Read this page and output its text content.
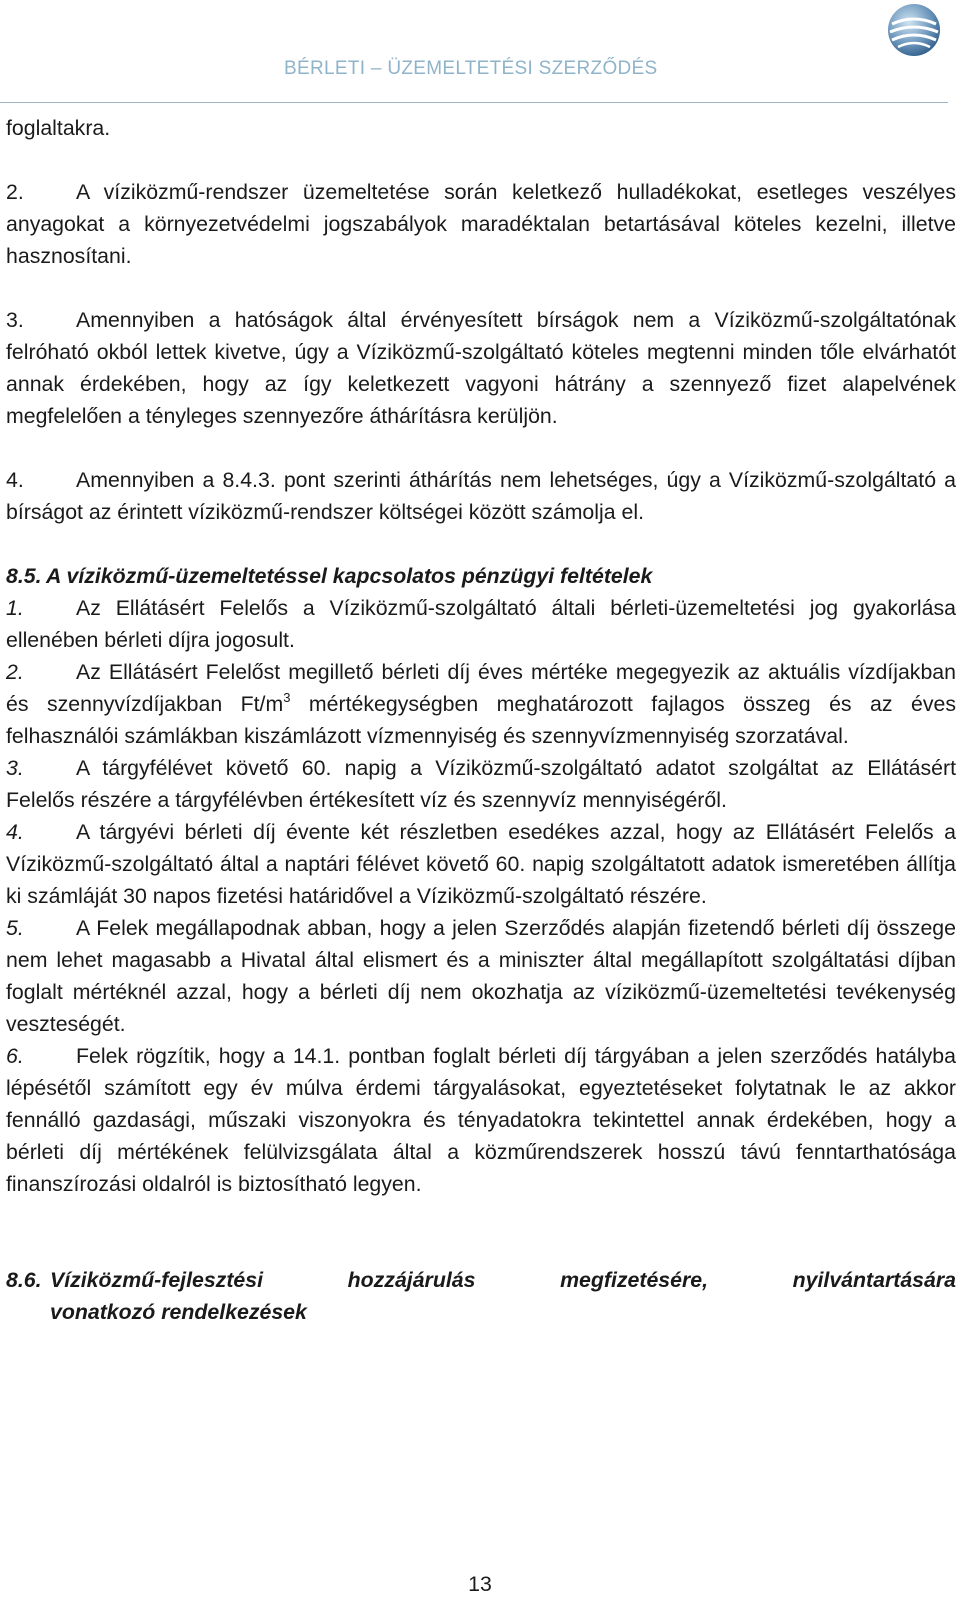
BÉRLETI – ÜZEMELTETÉSI SZERZŐDÉS
foglaltakra.
2. A víziközmű-rendszer üzemeltetése során keletkező hulladékokat, esetleges veszélyes anyagokat a környezetvédelmi jogszabályok maradéktalan betartásával köteles kezelni, illetve hasznosítani.
3. Amennyiben a hatóságok által érvényesített bírságok nem a Víziközmű-szolgáltatónak felróható okból lettek kivetve, úgy a Víziközmű-szolgáltató köteles megtenni minden tőle elvárhatót annak érdekében, hogy az így keletkezett vagyoni hátrány a szennyező fizet alapelvének megfelelően a tényleges szennyezőre áthárításra kerüljön.
4. Amennyiben a 8.4.3. pont szerinti áthárítás nem lehetséges, úgy a Víziközmű-szolgáltató a bírságot az érintett víziközmű-rendszer költségei között számolja el.
8.5. A víziközmű-üzemeltetéssel kapcsolatos pénzügyi feltételek
1. Az Ellátásért Felelős a Víziközmű-szolgáltató általi bérleti-üzemeltetési jog gyakorlása ellenében bérleti díjra jogosult.
2. Az Ellátásért Felelőst megillető bérleti díj éves mértéke megegyezik az aktuális vízdíjakban és szennyvízdíjakban $Ft/m^3$ mértékegységben meghatározott fajlagos összeg és az éves felhasználói számlákban kiszámlázott vízmennyiség és szennyvízmennyiség szorzatával.
3. A tárgyfélévet követő 60. napig a Víziközmű-szolgáltató adatot szolgáltat az Ellátásért Felelős részére a tárgyfélévben értékesített víz és szennyvíz mennyiségéről.
4. A tárgyévi bérleti díj évente két részletben esedékes azzal, hogy az Ellátásért Felelős a Víziközmű-szolgáltató által a naptári félévet követő 60. napig szolgáltatott adatok ismeretében állítja ki számláját 30 napos fizetési határidővel a Víziközmű-szolgáltató részére.
5. A Felek megállapodnak abban, hogy a jelen Szerződés alapján fizetendő bérleti díj összege nem lehet magasabb a Hivatal által elismert és a miniszter által megállapított szolgáltatási díjban foglalt mértéknél azzal, hogy a bérleti díj nem okozhatja az víziközmű-üzemeltetési tevékenység veszteségét.
6. Felek rögzítik, hogy a 14.1. pontban foglalt bérleti díj tárgyában a jelen szerződés hatályba lépésétől számított egy év múlva érdemi tárgyalásokat, egyeztetéseket folytatnak le az akkor fennálló gazdasági, műszaki viszonyokra és tényadatokra tekintettel annak érdekében, hogy a bérleti díj mértékének felülvizsgálata által a közműrendszerek hosszú távú fenntarthatósága finanszírozási oldalról is biztosítható legyen.
8.6. Víziközmű-fejlesztési hozzájárulás megfizetésére, nyilvántartására
vonatkozó rendelkezések
13
